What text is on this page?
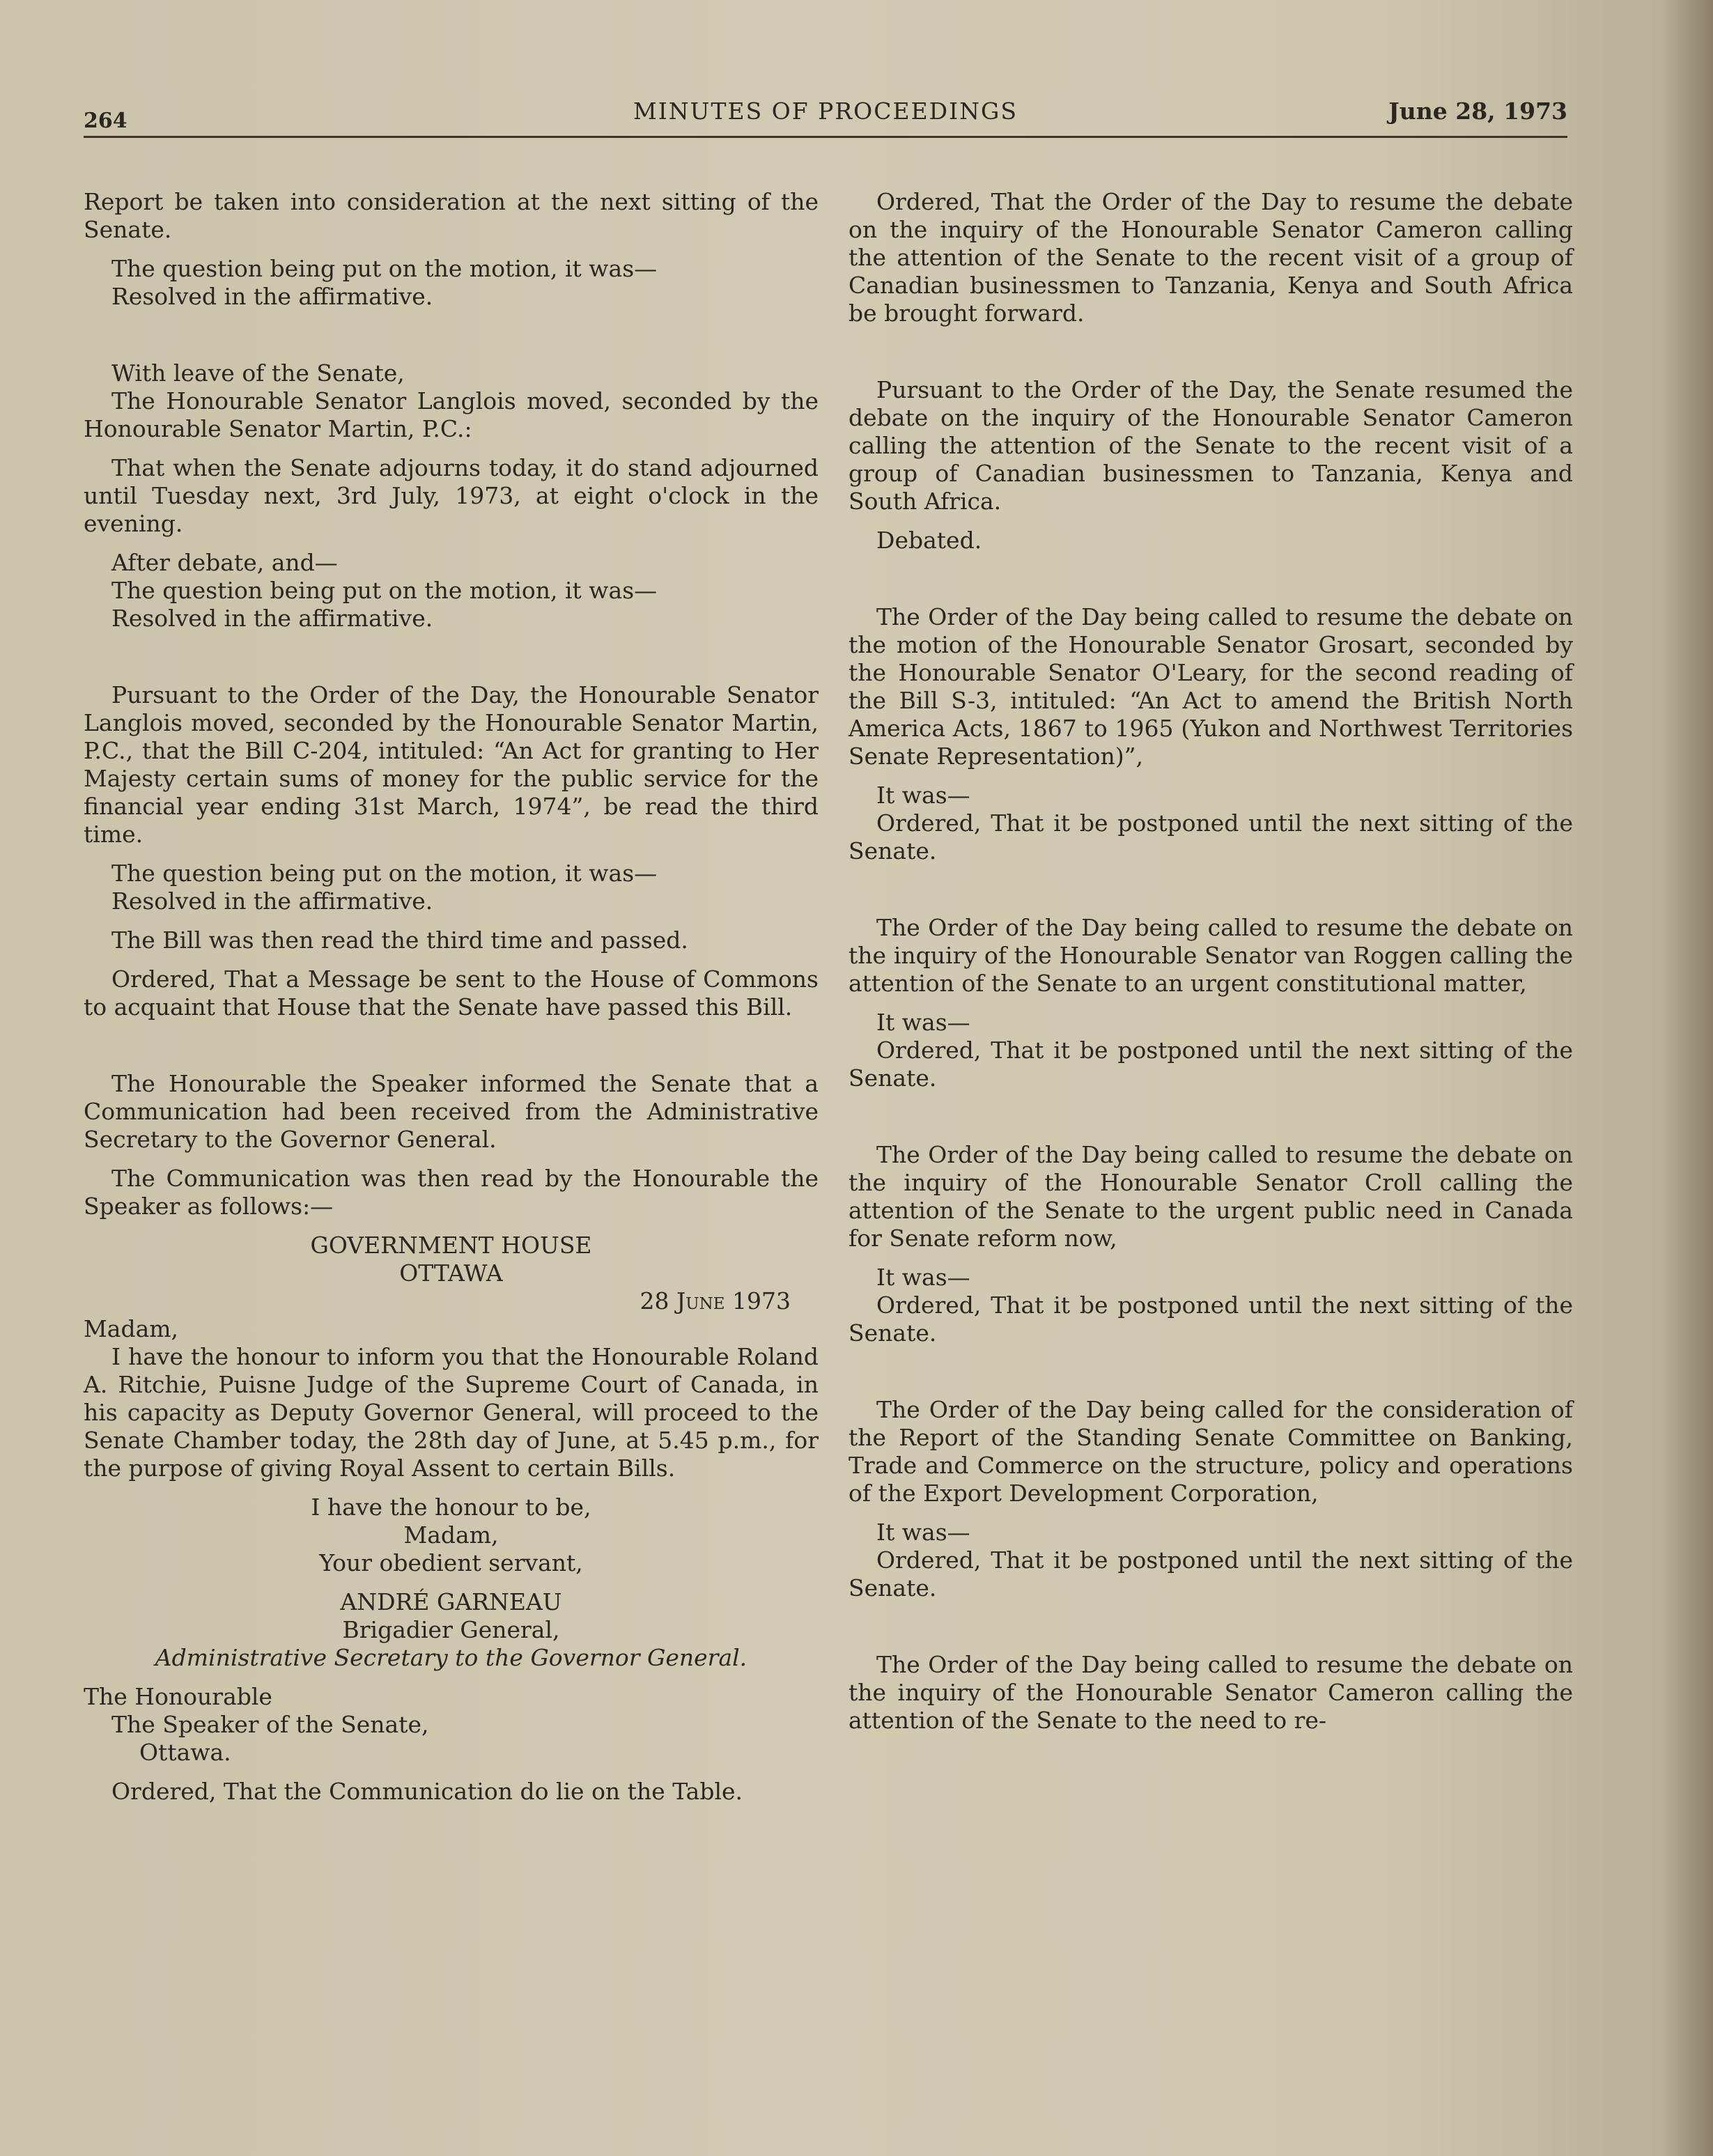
264	MINUTES OF PROCEEDINGS	June 28, 1973

Report be taken into consideration at the next sitting of the Senate.

The question being put on the motion, it was—

Resolved in the affirmative.

With leave of the Senate,

The Honourable Senator Langlois moved, seconded by the Honourable Senator Martin, P.C.:

That when the Senate adjourns today, it do stand adjourned until Tuesday next, 3rd July, 1973, at eight o'clock in the evening.

After debate, and—

The question being put on the motion, it was—

Resolved in the affirmative.

Pursuant to the Order of the Day, the Honourable Senator Langlois moved, seconded by the Honourable Senator Martin, P.C., that the Bill C-204, intituled: “An Act for granting to Her Majesty certain sums of money for the public service for the financial year ending 31st March, 1974”, be read the third time.

The question being put on the motion, it was—

Resolved in the affirmative.

The Bill was then read the third time and passed.

Ordered, That a Message be sent to the House of Commons to acquaint that House that the Senate have passed this Bill.

The Honourable the Speaker informed the Senate that a Communication had been received from the Administrative Secretary to the Governor General.

The Communication was then read by the Honourable the Speaker as follows:—

GOVERNMENT HOUSE

OTTAWA

28 June 1973

Madam,

I have the honour to inform you that the Honourable Roland A. Ritchie, Puisne Judge of the Supreme Court of Canada, in his capacity as Deputy Governor General, will proceed to the Senate Chamber today, the 28th day of June, at 5.45 p.m., for the purpose of giving Royal Assent to certain Bills.

I have the honour to be,

Madam,

Your obedient servant,

ANDRÉ GARNEAU

Brigadier General,

Administrative Secretary to the Governor General.

The Honourable

The Speaker of the Senate,

Ottawa.

Ordered, That the Communication do lie on the Table.

Ordered, That the Order of the Day to resume the debate on the inquiry of the Honourable Senator Cameron calling the attention of the Senate to the recent visit of a group of Canadian businessmen to Tanzania, Kenya and South Africa be brought forward.

Pursuant to the Order of the Day, the Senate resumed the debate on the inquiry of the Honourable Senator Cameron calling the attention of the Senate to the recent visit of a group of Canadian businessmen to Tanzania, Kenya and South Africa.

Debated.

The Order of the Day being called to resume the debate on the motion of the Honourable Senator Grosart, seconded by the Honourable Senator O'Leary, for the second reading of the Bill S-3, intituled: “An Act to amend the British North America Acts, 1867 to 1965 (Yukon and Northwest Territories Senate Representation)”,

It was—

Ordered, That it be postponed until the next sitting of the Senate.

The Order of the Day being called to resume the debate on the inquiry of the Honourable Senator van Roggen calling the attention of the Senate to an urgent constitutional matter,

It was—

Ordered, That it be postponed until the next sitting of the Senate.

The Order of the Day being called to resume the debate on the inquiry of the Honourable Senator Croll calling the attention of the Senate to the urgent public need in Canada for Senate reform now,

It was—

Ordered, That it be postponed until the next sitting of the Senate.

The Order of the Day being called for the consideration of the Report of the Standing Senate Committee on Banking, Trade and Commerce on the structure, policy and operations of the Export Development Corporation,

It was—

Ordered, That it be postponed until the next sitting of the Senate.

The Order of the Day being called to resume the debate on the inquiry of the Honourable Senator Cameron calling the attention of the Senate to the need to re-
